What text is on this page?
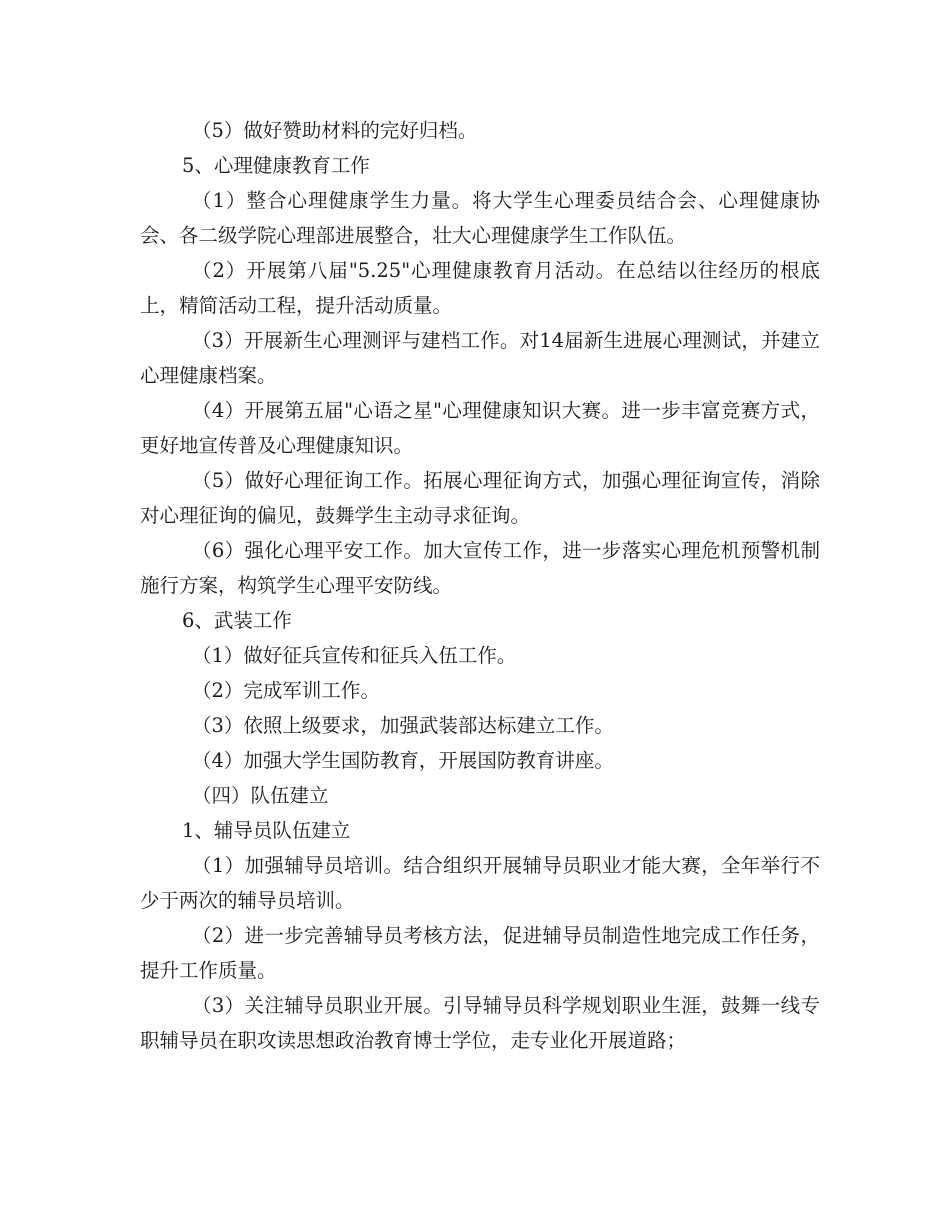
（5）做好赞助材料的完好归档。

5、心理健康教育工作

（1）整合心理健康学生力量。将大学生心理委员结合会、心理健康协会、各二级学院心理部进展整合，壮大心理健康学生工作队伍。

（2）开展第八届"5.25"心理健康教育月活动。在总结以往经历的根底上，精简活动工程，提升活动质量。

（3）开展新生心理测评与建档工作。对14届新生进展心理测试，并建立心理健康档案。

（4）开展第五届"心语之星"心理健康知识大赛。进一步丰富竞赛方式，更好地宣传普及心理健康知识。

（5）做好心理征询工作。拓展心理征询方式，加强心理征询宣传，消除对心理征询的偏见，鼓舞学生主动寻求征询。

（6）强化心理平安工作。加大宣传工作，进一步落实心理危机预警机制施行方案，构筑学生心理平安防线。

6、武装工作

（1）做好征兵宣传和征兵入伍工作。

（2）完成军训工作。

（3）依照上级要求，加强武装部达标建立工作。

（4）加强大学生国防教育，开展国防教育讲座。

（四）队伍建立

1、辅导员队伍建立

（1）加强辅导员培训。结合组织开展辅导员职业才能大赛，全年举行不少于两次的辅导员培训。

（2）进一步完善辅导员考核方法，促进辅导员制造性地完成工作任务，提升工作质量。

（3）关注辅导员职业开展。引导辅导员科学规划职业生涯，鼓舞一线专职辅导员在职攻读思想政治教育博士学位，走专业化开展道路；
